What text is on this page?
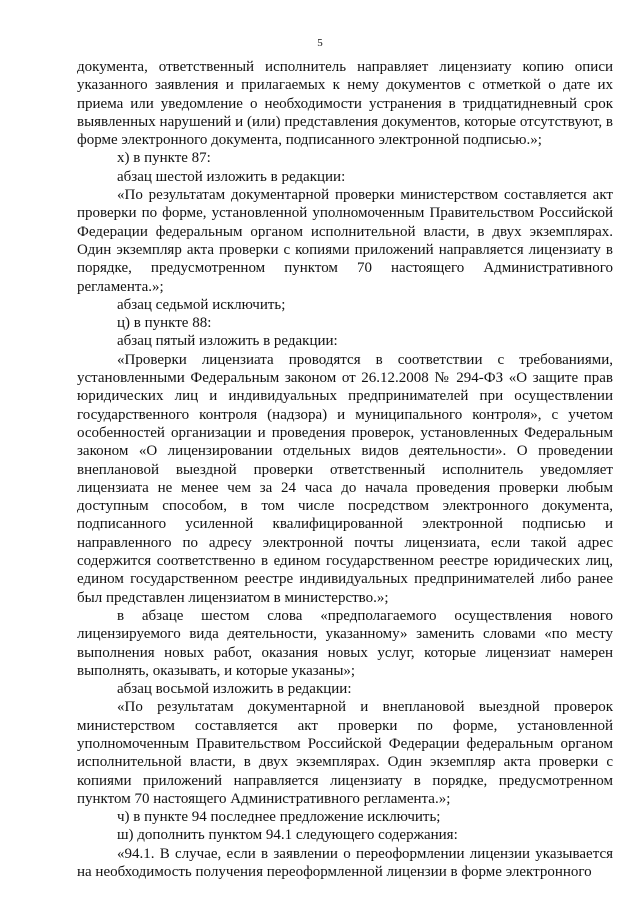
5

документа, ответственный исполнитель направляет лицензиату копию описи указанного заявления и прилагаемых к нему документов с отметкой о дате их приема или уведомление о необходимости устранения в тридцатидневный срок выявленных нарушений и (или) представления документов, которые отсутствуют, в форме электронного документа, подписанного электронной подписью.»;

х) в пункте 87:

абзац шестой изложить в редакции:

«По результатам документарной проверки министерством составляется акт проверки по форме, установленной уполномоченным Правительством Российской Федерации федеральным органом исполнительной власти, в двух экземплярах. Один экземпляр акта проверки с копиями приложений направляется лицензиату в порядке, предусмотренном пунктом 70 настоящего Административного регламента.»;

абзац седьмой исключить;

ц) в пункте 88:

абзац пятый изложить в редакции:

«Проверки лицензиата проводятся в соответствии с требованиями, установленными Федеральным законом от 26.12.2008 № 294-ФЗ «О защите прав юридических лиц и индивидуальных предпринимателей при осуществлении государственного контроля (надзора) и муниципального контроля», с учетом особенностей организации и проведения проверок, установленных Федеральным законом «О лицензировании отдельных видов деятельности». О проведении внеплановой выездной проверки ответственный исполнитель уведомляет лицензиата не менее чем за 24 часа до начала проведения проверки любым доступным способом, в том числе посредством электронного документа, подписанного усиленной квалифицированной электронной подписью и направленного по адресу электронной почты лицензиата, если такой адрес содержится соответственно в едином государственном реестре юридических лиц, едином государственном реестре индивидуальных предпринимателей либо ранее был представлен лицензиатом в министерство.»;

в абзаце шестом слова «предполагаемого осуществления нового лицензируемого вида деятельности, указанному» заменить словами «по месту выполнения новых работ, оказания новых услуг, которые лицензиат намерен выполнять, оказывать, и которые указаны»;

абзац восьмой изложить в редакции:

«По результатам документарной и внеплановой выездной проверок министерством составляется акт проверки по форме, установленной уполномоченным Правительством Российской Федерации федеральным органом исполнительной власти, в двух экземплярах. Один экземпляр акта проверки с копиями приложений направляется лицензиату в порядке, предусмотренном пунктом 70 настоящего Административного регламента.»;

ч) в пункте 94 последнее предложение исключить;

ш) дополнить пунктом 94.1 следующего содержания:

«94.1. В случае, если в заявлении о переоформлении лицензии указывается на необходимость получения переоформленной лицензии в форме электронного
